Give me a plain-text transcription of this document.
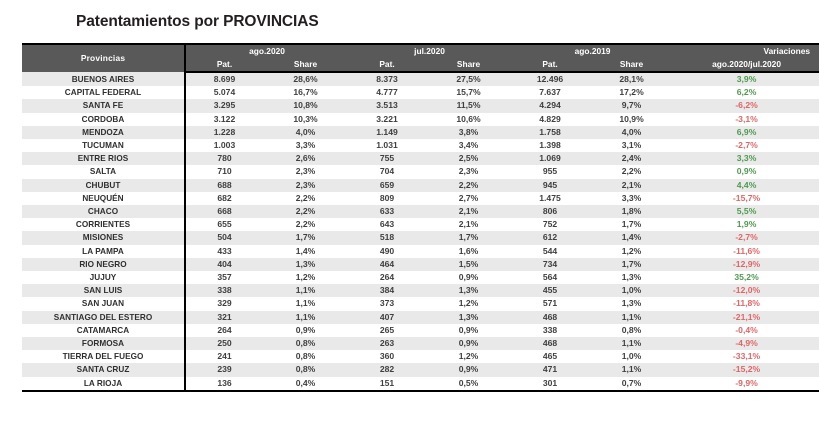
Patentamientos por PROVINCIAS
Provincias	ago.2020		jul.2020		ago.2019		Variaciones
	Pat.	Share	Pat.	Share	Pat.	Share	ago.2020/jul.2020
BUENOS AIRES	8.699	28,6%	8.373	27,5%	12.496	28,1%	3,9%
CAPITAL FEDERAL	5.074	16,7%	4.777	15,7%	7.637	17,2%	6,2%
SANTA FE	3.295	10,8%	3.513	11,5%	4.294	9,7%	-6,2%
CORDOBA	3.122	10,3%	3.221	10,6%	4.829	10,9%	-3,1%
MENDOZA	1.228	4,0%	1.149	3,8%	1.758	4,0%	6,9%
TUCUMAN	1.003	3,3%	1.031	3,4%	1.398	3,1%	-2,7%
ENTRE RIOS	780	2,6%	755	2,5%	1.069	2,4%	3,3%
SALTA	710	2,3%	704	2,3%	955	2,2%	0,9%
CHUBUT	688	2,3%	659	2,2%	945	2,1%	4,4%
NEUQUÉN	682	2,2%	809	2,7%	1.475	3,3%	-15,7%
CHACO	668	2,2%	633	2,1%	806	1,8%	5,5%
CORRIENTES	655	2,2%	643	2,1%	752	1,7%	1,9%
MISIONES	504	1,7%	518	1,7%	612	1,4%	-2,7%
LA PAMPA	433	1,4%	490	1,6%	544	1,2%	-11,6%
RIO NEGRO	404	1,3%	464	1,5%	734	1,7%	-12,9%
JUJUY	357	1,2%	264	0,9%	564	1,3%	35,2%
SAN LUIS	338	1,1%	384	1,3%	455	1,0%	-12,0%
SAN JUAN	329	1,1%	373	1,2%	571	1,3%	-11,8%
SANTIAGO DEL ESTERO	321	1,1%	407	1,3%	468	1,1%	-21,1%
CATAMARCA	264	0,9%	265	0,9%	338	0,8%	-0,4%
FORMOSA	250	0,8%	263	0,9%	468	1,1%	-4,9%
TIERRA DEL FUEGO	241	0,8%	360	1,2%	465	1,0%	-33,1%
SANTA CRUZ	239	0,8%	282	0,9%	471	1,1%	-15,2%
LA RIOJA	136	0,4%	151	0,5%	301	0,7%	-9,9%
